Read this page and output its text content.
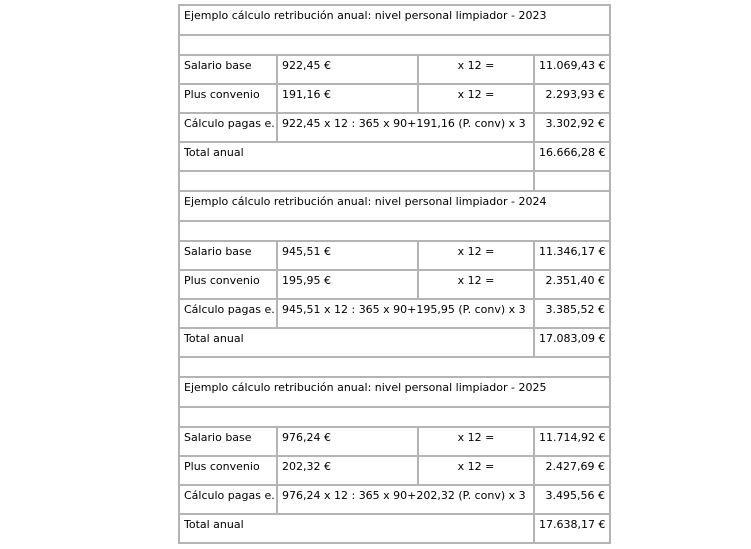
Ejemplo cálculo retribución anual: nivel personal limpiador - 2023			

Salario base	922,45 €	x 12 =	11.069,43 €
Plus convenio	191,16 €	x 12 =	2.293,93 €
Cálculo pagas e.	922,45 x 12 : 365 x 90+191,16 (P. conv) x 3		3.302,92 €
Total anual			16.666,28 €

Ejemplo cálculo retribución anual: nivel personal limpiador - 2024			

Salario base	945,51 €	x 12 =	11.346,17 €
Plus convenio	195,95 €	x 12 =	2.351,40 €
Cálculo pagas e.	945,51 x 12 : 365 x 90+195,95 (P. conv) x 3		3.385,52 €
Total anual			17.083,09 €

Ejemplo cálculo retribución anual: nivel personal limpiador - 2025			

Salario base	976,24 €	x 12 =	11.714,92 €
Plus convenio	202,32 €	x 12 =	2.427,69 €
Cálculo pagas e.	976,24 x 12 : 365 x 90+202,32 (P. conv) x 3		3.495,56 €
Total anual			17.638,17 €
